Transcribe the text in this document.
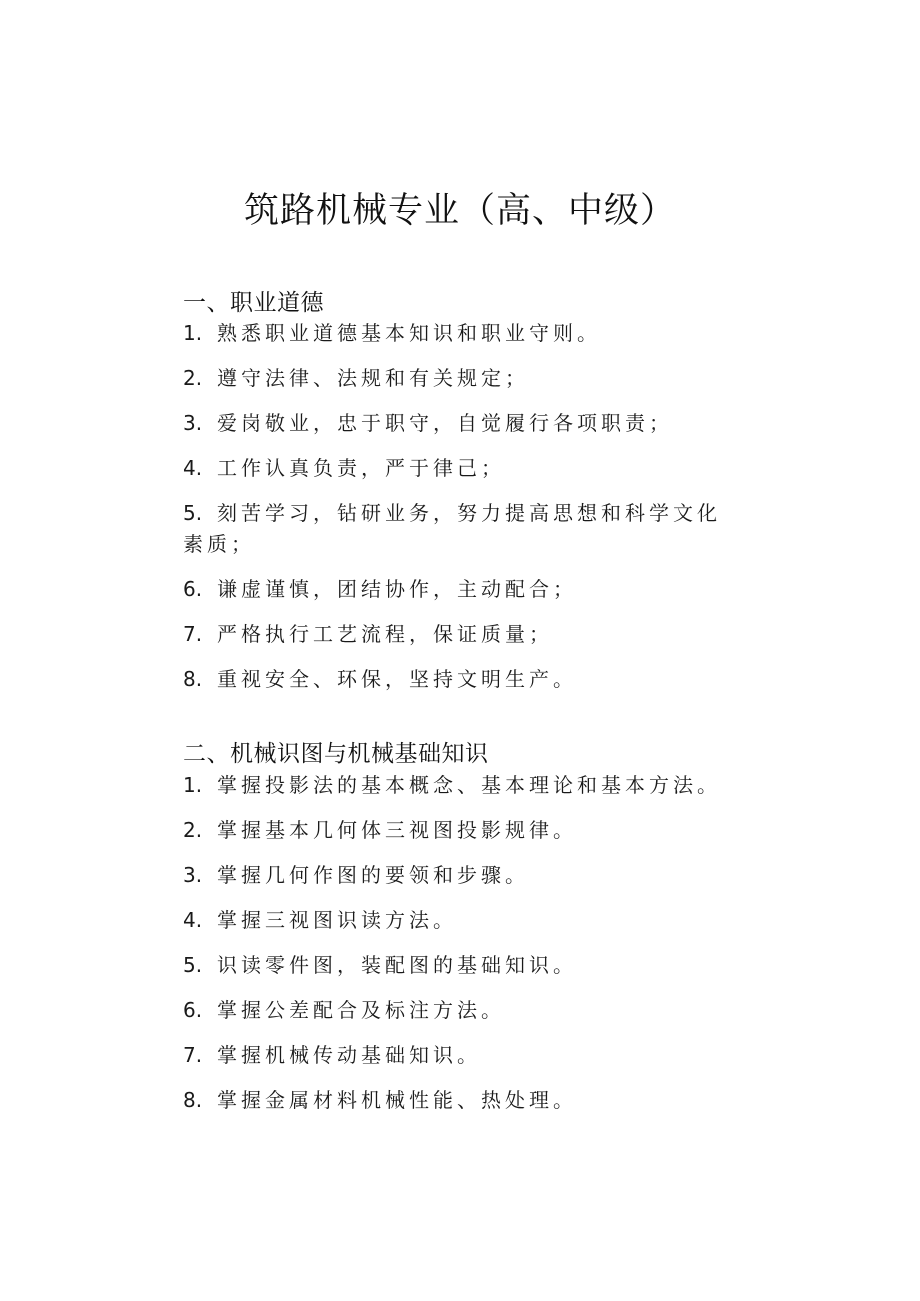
筑路机械专业（高、中级）
一、职业道德

1. 熟悉职业道德基本知识和职业守则。

2. 遵守法律、法规和有关规定；

3. 爱岗敬业，忠于职守，自觉履行各项职责；

4. 工作认真负责，严于律己；

5. 刻苦学习，钻研业务，努力提高思想和科学文化素质；

6. 谦虚谨慎，团结协作，主动配合；

7. 严格执行工艺流程，保证质量；

8. 重视安全、环保，坚持文明生产。

二、机械识图与机械基础知识

1. 掌握投影法的基本概念、基本理论和基本方法。

2. 掌握基本几何体三视图投影规律。

3. 掌握几何作图的要领和步骤。

4. 掌握三视图识读方法。

5. 识读零件图，装配图的基础知识。

6. 掌握公差配合及标注方法。

7. 掌握机械传动基础知识。

8. 掌握金属材料机械性能、热处理。
